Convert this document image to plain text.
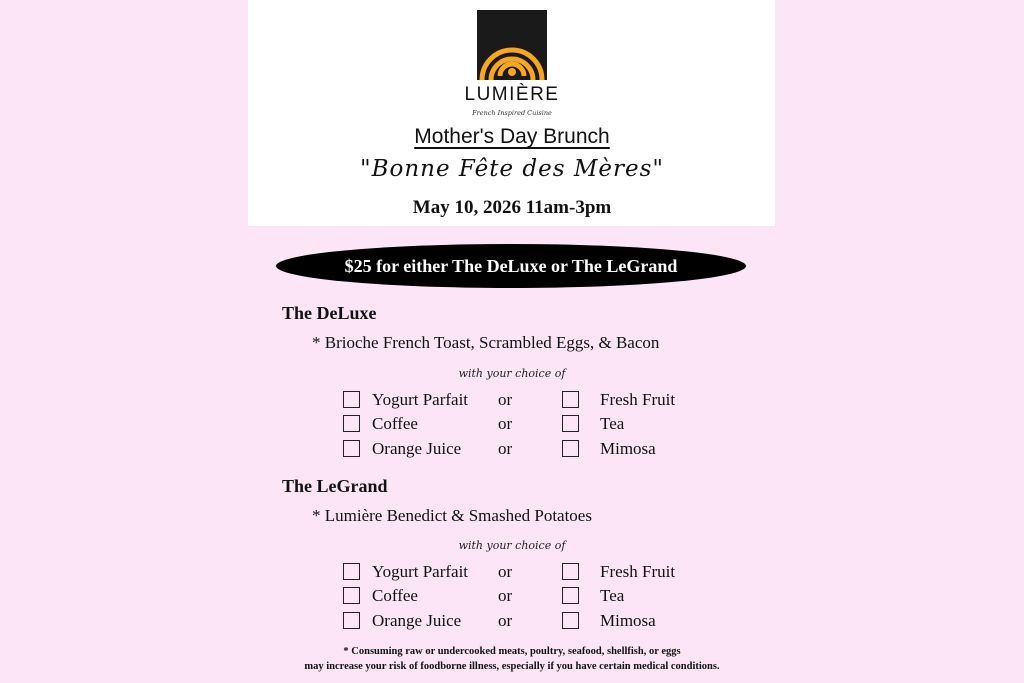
LUMIÈRE
French Inspired Cuisine
Mother's Day Brunch
"Bonne Fête des Mères"
May 10, 2026 11am-3pm
$25 for either The DeLuxe or The LeGrand
The DeLuxe
* Brioche French Toast, Scrambled Eggs, & Bacon
with your choice of
Yogurt Parfait or	Fresh Fruit
Coffee	or	Tea
Orange Juice or	Mimosa
The LeGrand
* Lumière Benedict & Smashed Potatoes
with your choice of
Yogurt Parfait or	Fresh Fruit
Coffee	or	Tea
Orange Juice or	Mimosa
* Consuming raw or undercooked meats, poultry, seafood, shellfish, or eggs
may increase your risk of foodborne illness, especially if you have certain medical conditions.
